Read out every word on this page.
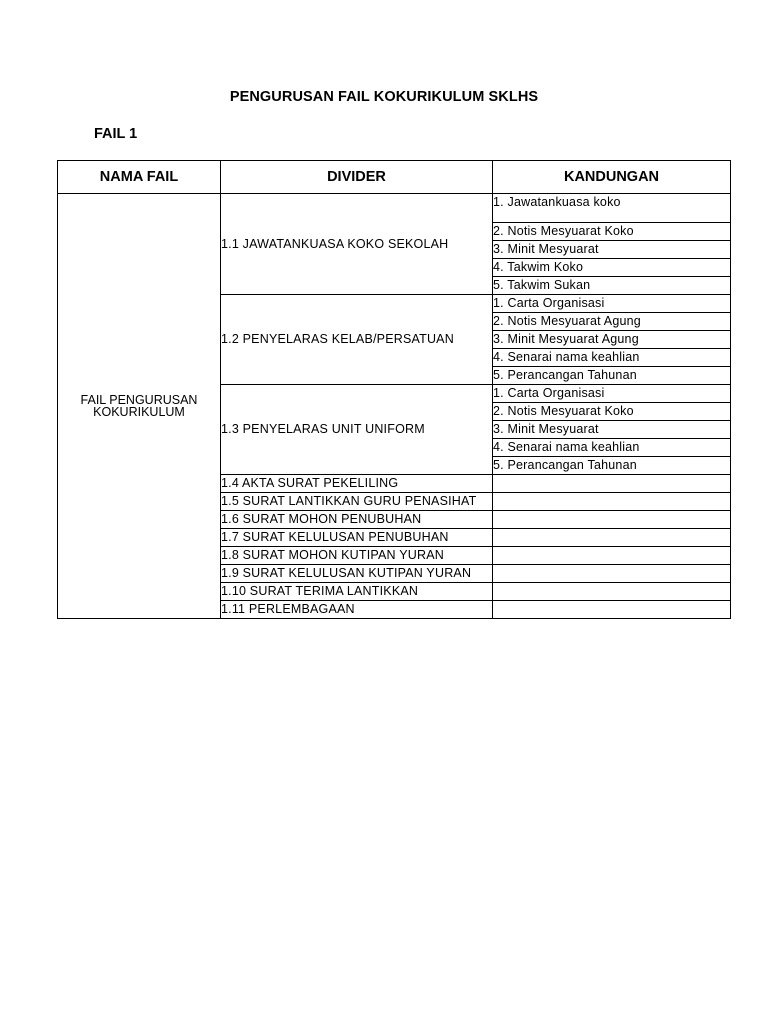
PENGURUSAN FAIL KOKURIKULUM SKLHS
FAIL 1
NAMA FAIL	DIVIDER	KANDUNGAN

FAIL PENGURUSAN KOKURIKULUM	1.1 JAWATANKUASA KOKO SEKOLAH	1. Jawatankuasa koko
		2. Notis Mesyuarat Koko
		3. Minit Mesyuarat
		4. Takwim Koko
		5. Takwim Sukan
	1.2 PENYELARAS KELAB/PERSATUAN	1. Carta Organisasi
		2. Notis Mesyuarat Agung
		3. Minit Mesyuarat Agung
		4. Senarai nama keahlian
		5. Perancangan Tahunan
	1.3 PENYELARAS UNIT UNIFORM	1. Carta Organisasi
		2. Notis Mesyuarat Koko
		3. Minit Mesyuarat
		4. Senarai nama keahlian
		5. Perancangan Tahunan
	1.4 AKTA SURAT PEKELILING	
	1.5 SURAT LANTIKKAN GURU PENASIHAT	
	1.6 SURAT MOHON PENUBUHAN	
	1.7 SURAT KELULUSAN PENUBUHAN	
	1.8 SURAT MOHON KUTIPAN YURAN	
	1.9 SURAT KELULUSAN KUTIPAN YURAN	
	1.10 SURAT TERIMA LANTIKKAN	
	1.11 PERLEMBAGAAN	
